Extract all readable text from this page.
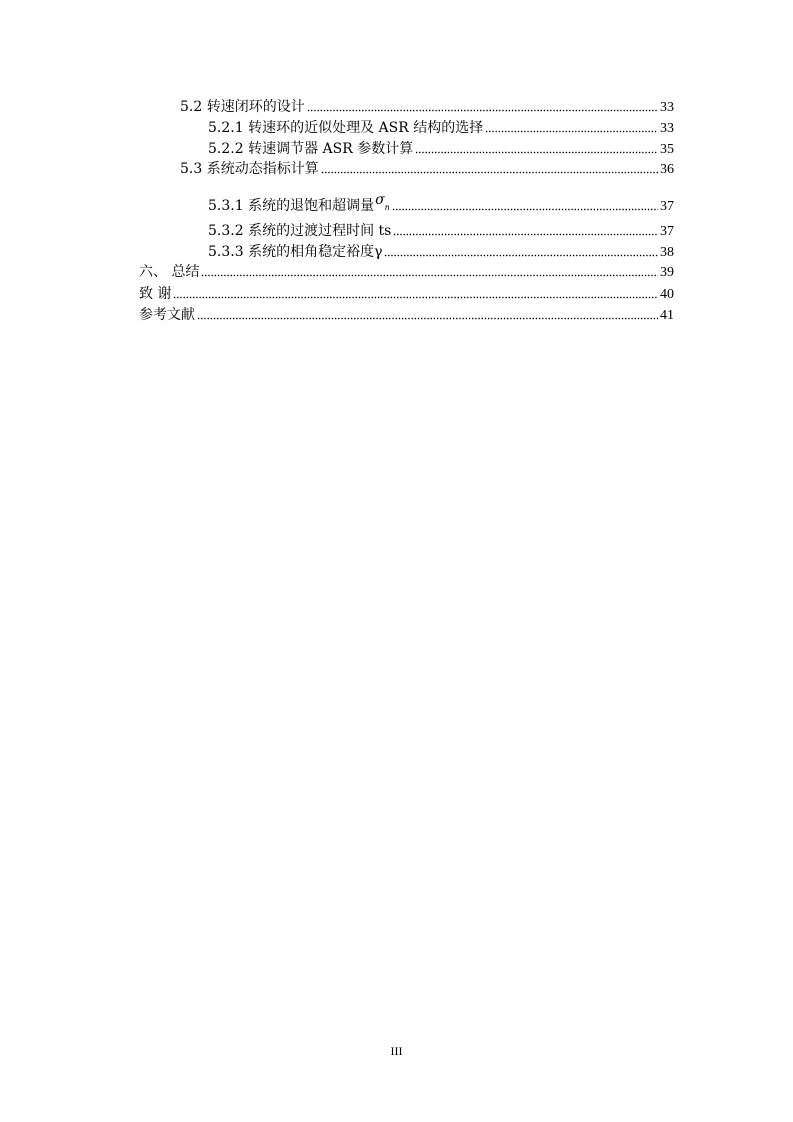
5.2 转速闭环的设计	33
5.2.1 转速环的近似处理及 ASR 结构的选择	33
5.2.2 转速调节器 ASR 参数计算	35
5.3 系统动态指标计算	36
5.3.1 系统的退饱和超调量 $\sigma_n$	37
5.3.2 系统的过渡过程时间 ts	37
5.3.3 系统的相角稳定裕度γ	38
六、 总结	39
致 谢	40
参考文献	41
III
